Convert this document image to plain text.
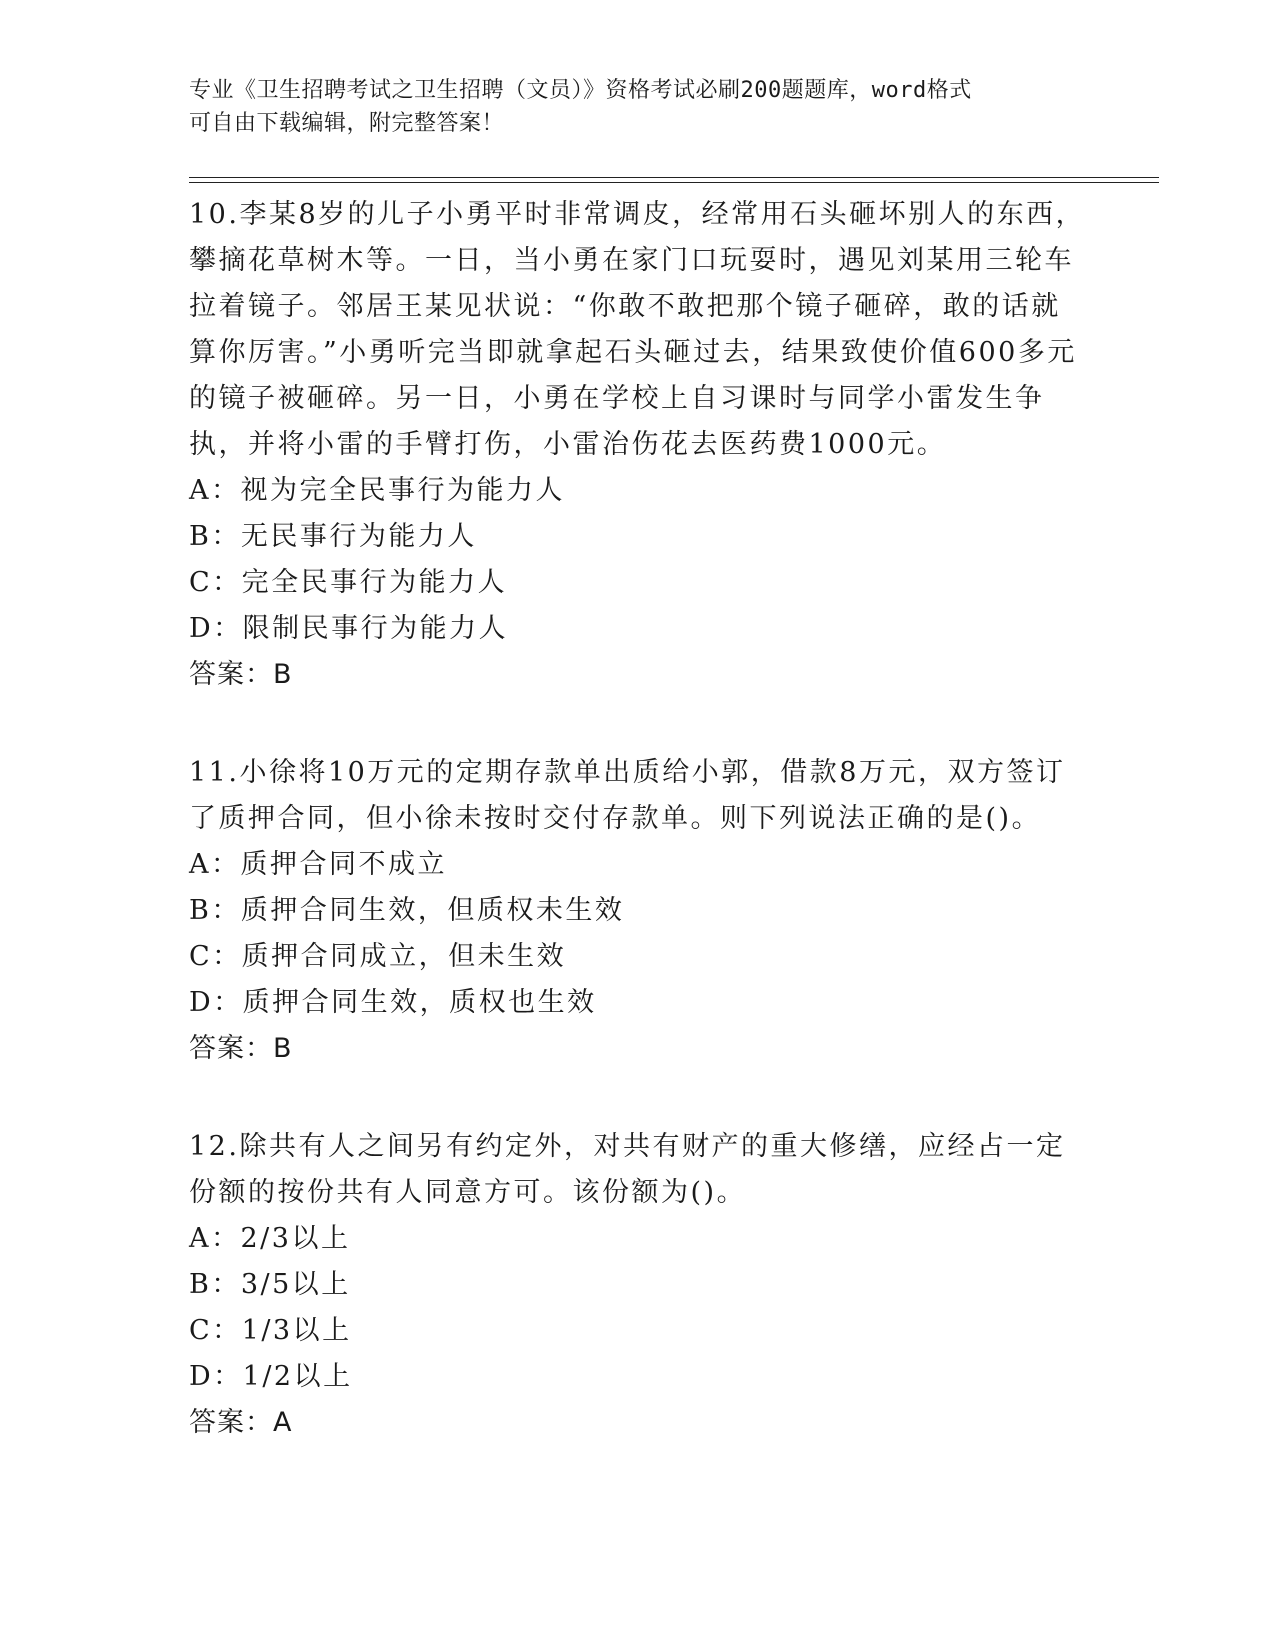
专业《卫生招聘考试之卫生招聘（文员）》资格考试必刷200题题库，word格式
可自由下载编辑，附完整答案！

10.李某8岁的儿子小勇平时非常调皮，经常用石头砸坏别人的东西，攀摘花草树木等。一日，当小勇在家门口玩耍时，遇见刘某用三轮车拉着镜子。邻居王某见状说：“你敢不敢把那个镜子砸碎，敢的话就算你厉害。”小勇听完当即就拿起石头砸过去，结果致使价值600多元的镜子被砸碎。另一日，小勇在学校上自习课时与同学小雷发生争执，并将小雷的手臂打伤，小雷治伤花去医药费1000元。

A：视为完全民事行为能力人

B：无民事行为能力人

C：完全民事行为能力人

D：限制民事行为能力人

答案：B

11.小徐将10万元的定期存款单出质给小郭，借款8万元，双方签订了质押合同，但小徐未按时交付存款单。则下列说法正确的是()。

A：质押合同不成立

B：质押合同生效，但质权未生效

C：质押合同成立，但未生效

D：质押合同生效，质权也生效

答案：B

12.除共有人之间另有约定外，对共有财产的重大修缮，应经占一定份额的按份共有人同意方可。该份额为()。

A：2/3以上

B：3/5以上

C：1/3以上

D：1/2以上

答案：A
